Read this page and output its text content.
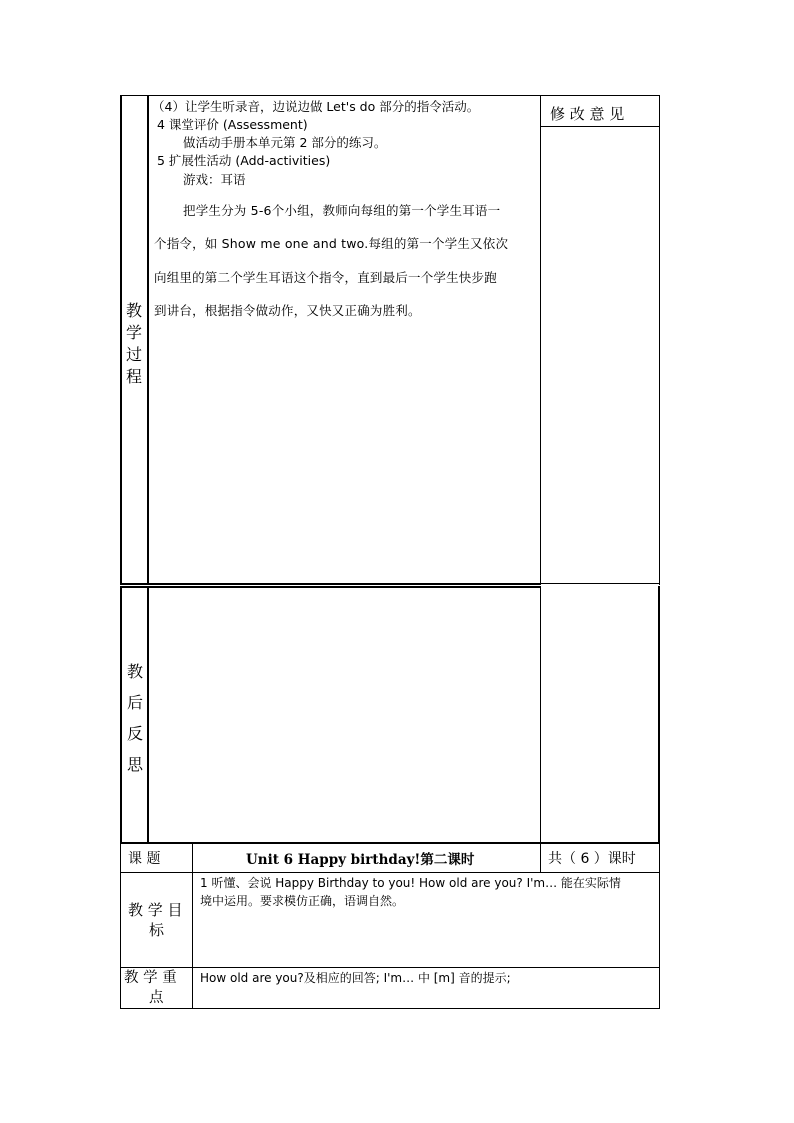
教
学
过
程
（4）让学生听录音，边说边做 Let's do 部分的指令活动。
4 课堂评价 (Assessment)
做活动手册本单元第 2 部分的练习。
5 扩展性活动 (Add-activities)
游戏：耳语
把学生分为 5-6个小组，教师向每组的第一个学生耳语一
个指令，如 Show me one and two.每组的第一个学生又依次
向组里的第二个学生耳语这个指令，直到最后一个学生快步跑
到讲台，根据指令做动作，又快又正确为胜利。
修 改 意 见
教
后
反
思
课 题	Unit 6 Happy birthday!第二课时	共（ 6 ）课时
教 学 目
标
1 听懂、会说 Happy Birthday to you! How old are you? I'm… 能在实际情
境中运用。要求模仿正确，语调自然。
教 学 重
点
How old are you?及相应的回答; I'm… 中 [m] 音的提示;
